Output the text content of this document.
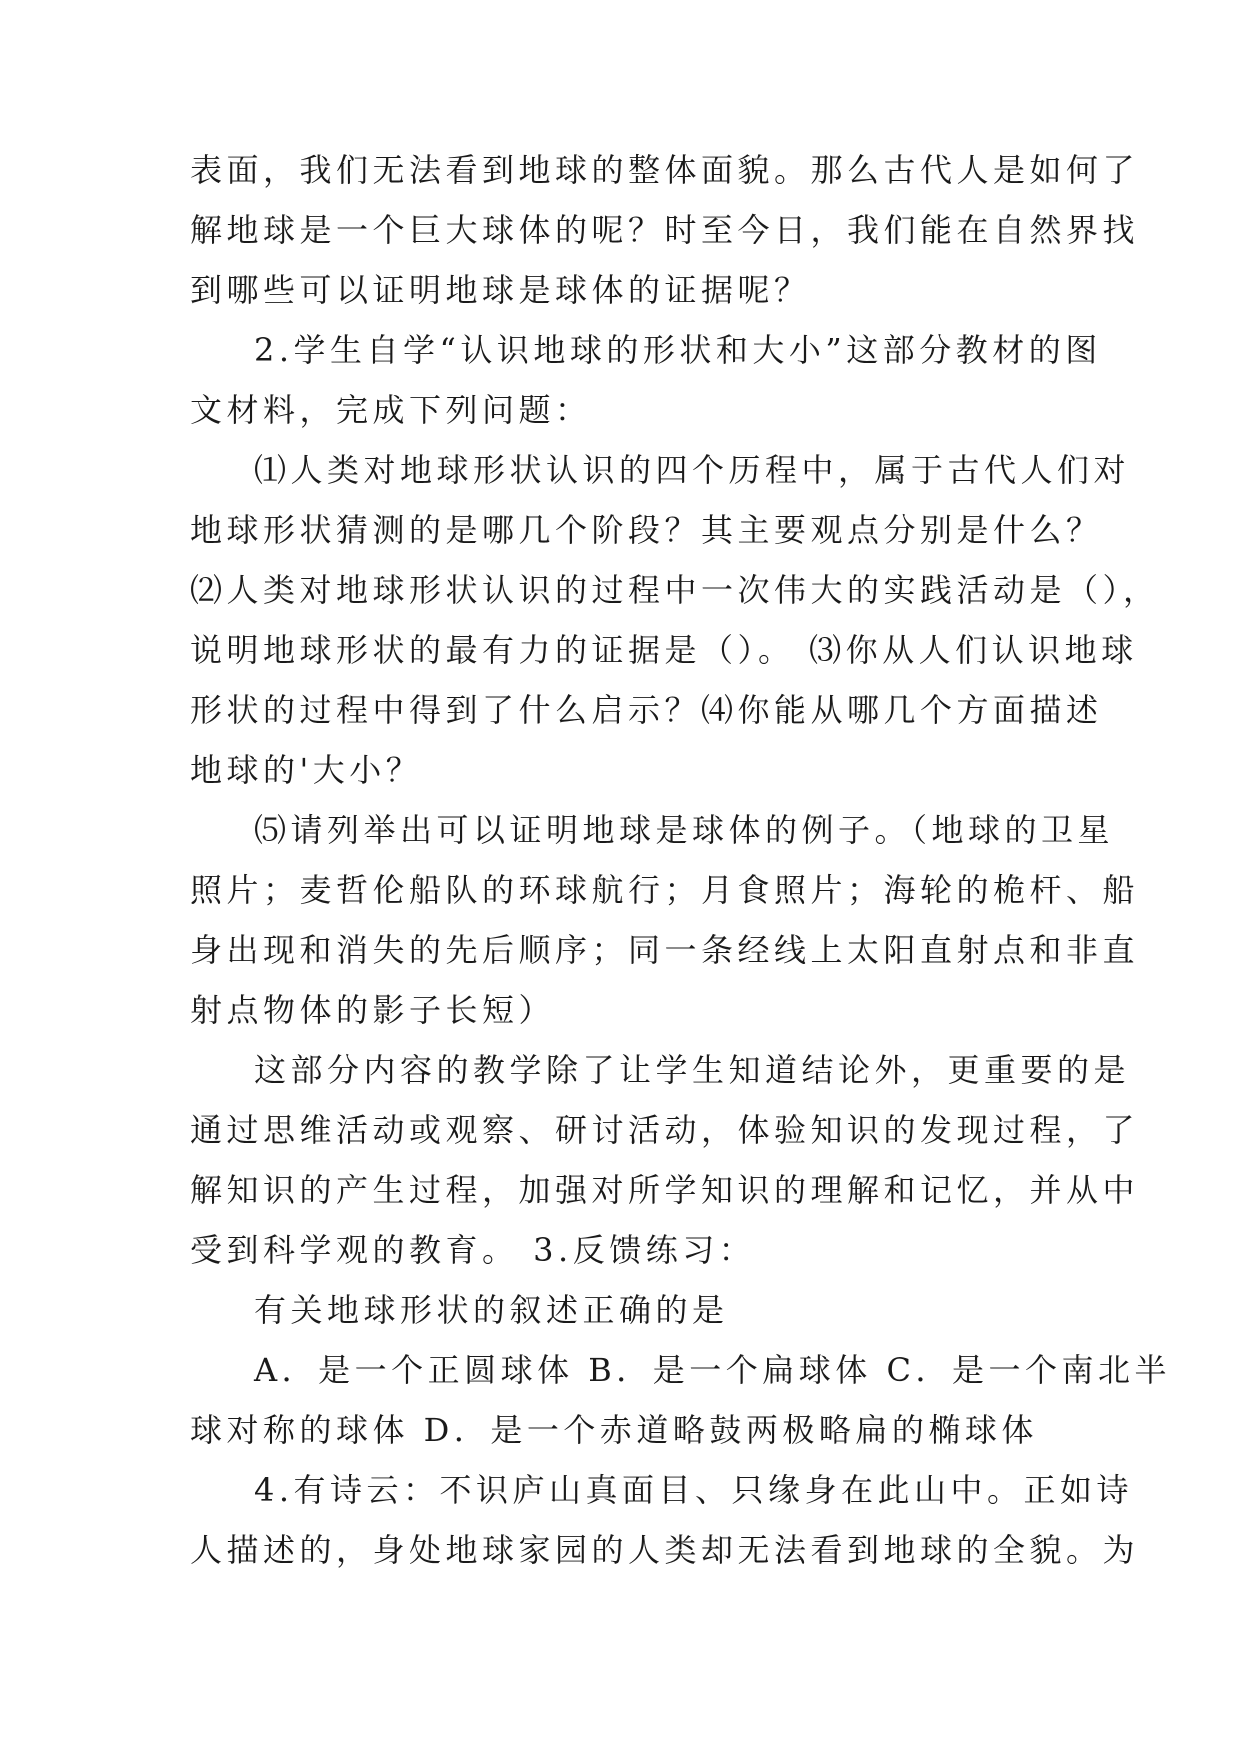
表面，我们无法看到地球的整体面貌。那么古代人是如何了
解地球是一个巨大球体的呢？时至今日，我们能在自然界找
到哪些可以证明地球是球体的证据呢？
2.学生自学“认识地球的形状和大小”这部分教材的图
文材料，完成下列问题：
⑴人类对地球形状认识的四个历程中，属于古代人们对
地球形状猜测的是哪几个阶段？其主要观点分别是什么？
⑵人类对地球形状认识的过程中一次伟大的实践活动是（），
说明地球形状的最有力的证据是（）。 ⑶你从人们认识地球
形状的过程中得到了什么启示？⑷你能从哪几个方面描述
地球的'大小？
⑸请列举出可以证明地球是球体的例子。（地球的卫星
照片；麦哲伦船队的环球航行；月食照片；海轮的桅杆、船
身出现和消失的先后顺序；同一条经线上太阳直射点和非直
射点物体的影子长短）
这部分内容的教学除了让学生知道结论外，更重要的是
通过思维活动或观察、研讨活动，体验知识的发现过程，了
解知识的产生过程，加强对所学知识的理解和记忆，并从中
受到科学观的教育。 3.反馈练习：
有关地球形状的叙述正确的是
A．是一个正圆球体 B．是一个扁球体 C．是一个南北半
球对称的球体 D．是一个赤道略鼓两极略扁的椭球体
4.有诗云：不识庐山真面目、只缘身在此山中。正如诗
人描述的，身处地球家园的人类却无法看到地球的全貌。为
